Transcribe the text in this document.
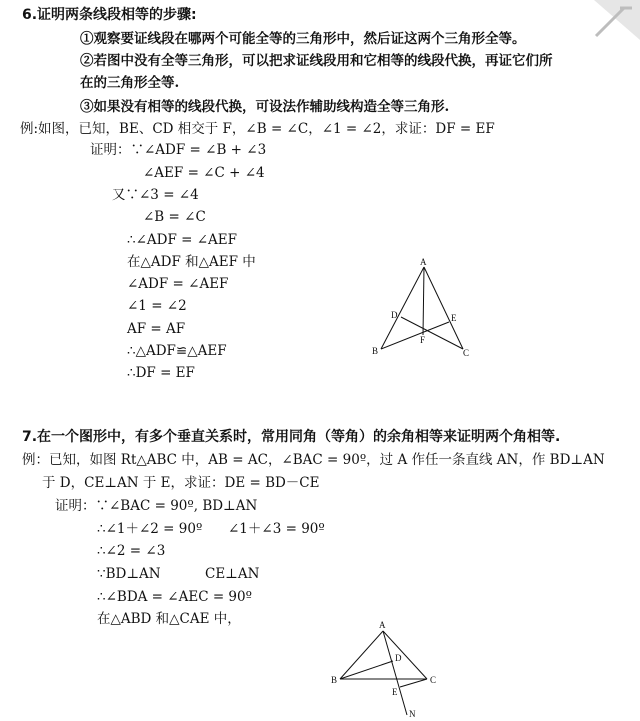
6.证明两条线段相等的步骤:
①观察要证线段在哪两个可能全等的三角形中，然后证这两个三角形全等。
②若图中没有全等三角形，可以把求证线段用和它相等的线段代换，再证它们所
在的三角形全等.
③如果没有相等的线段代换，可设法作辅助线构造全等三角形.
例:如图，已知，BE、CD 相交于 F，∠B = ∠C，∠1 = ∠2，求证：DF = EF
证明：∵∠ADF = ∠B + ∠3
∠AEF = ∠C + ∠4
又∵∠3 = ∠4
∠B = ∠C
∴∠ADF = ∠AEF
在△ADF 和△AEF 中
∠ADF = ∠AEF
∠1 = ∠2
AF = AF
∴△ADF≌△AEF
∴DF = EF
A
B	C
D	E
F
7.在一个图形中，有多个垂直关系时，常用同角（等角）的余角相等来证明两个角相等.
例：已知，如图 Rt△ABC 中，AB = AC，∠BAC = 90º，过 A 作任一条直线 AN，作 BD⊥AN
于 D，CE⊥AN 于 E，求证：DE = BD－CE
证明：∵∠BAC = 90º, BD⊥AN
∴∠1＋∠2 = 90º ∠1＋∠3 = 90º
∴∠2 = ∠3
∵BD⊥AN	CE⊥AN
∴∠BDA = ∠AEC = 90º
在△ABD 和△CAE 中，	A
B	C
D
E
N
